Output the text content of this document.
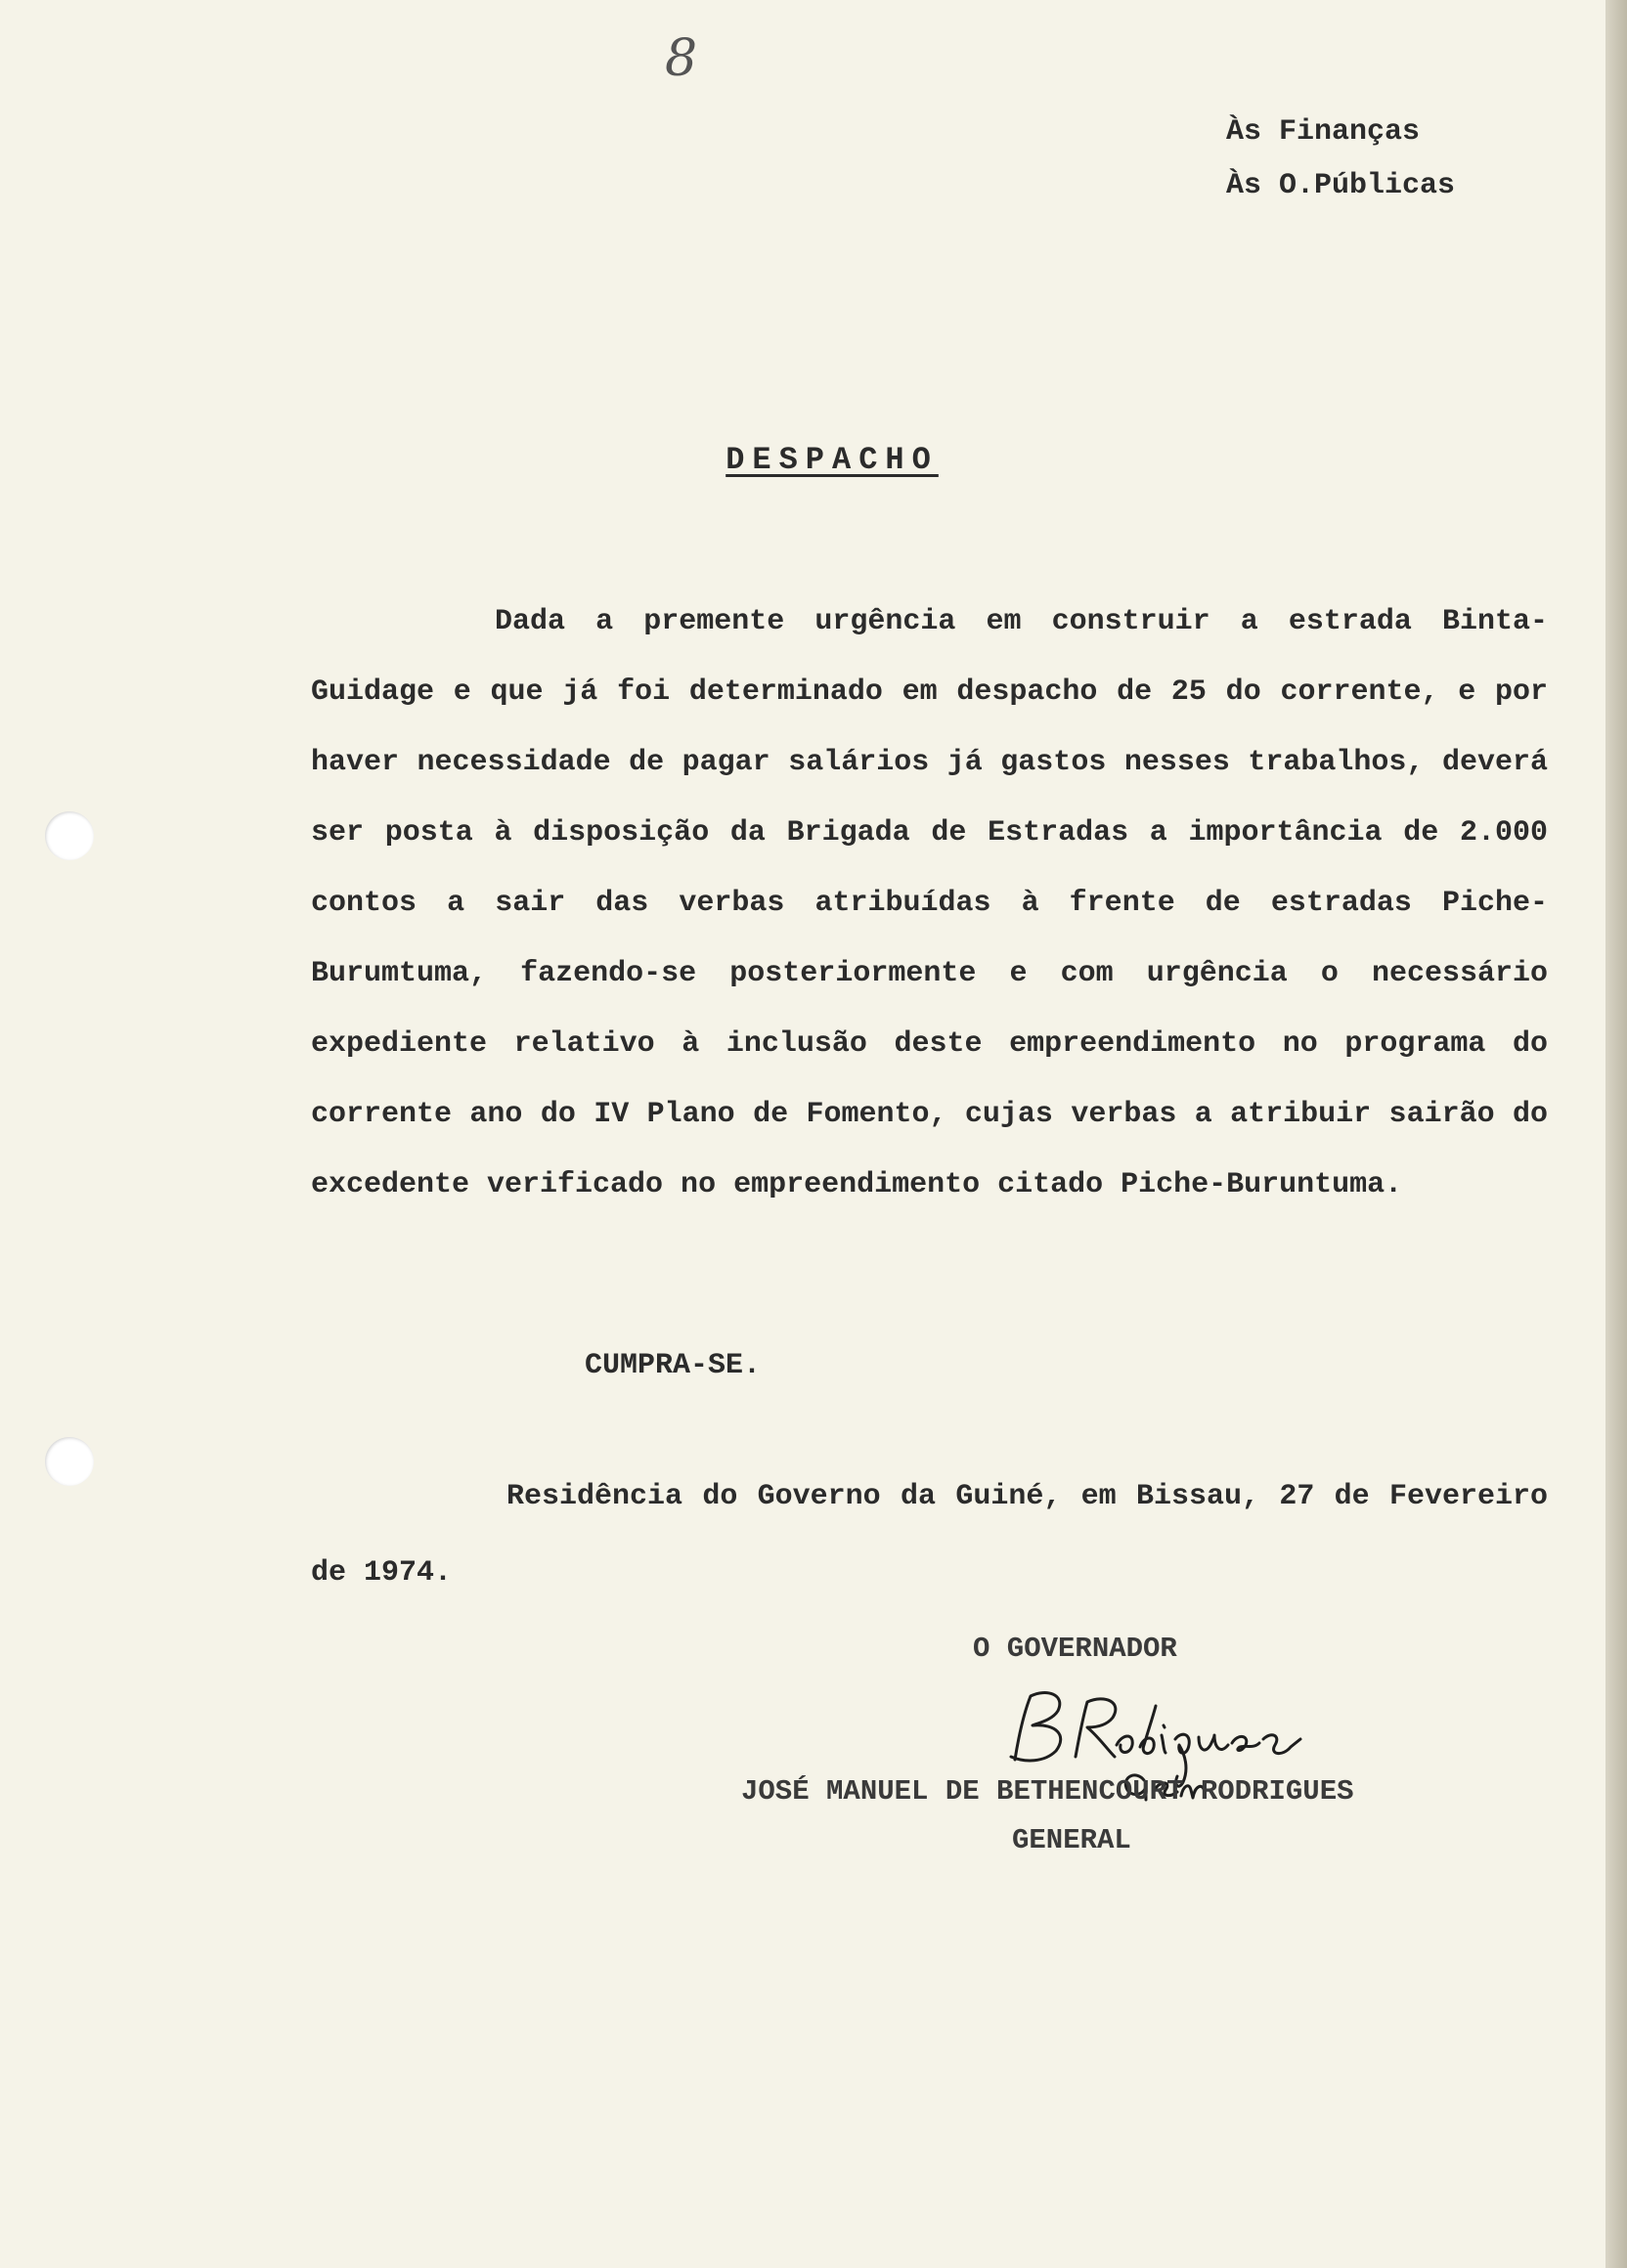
8
Às Finanças
Às O.Públicas
DESPACHO
Dada a premente urgência em construir a estrada Binta-Guidage e que já foi determinado em despacho de 25 do corrente, e por haver necessidade de pagar salários já gastos nesses trabalhos, deverá ser posta à disposição da Brigada de Estradas a importância de 2.000 contos a sair das verbas atribuídas à frente de estradas Piche-Burumtuma, fazendo-se posteriormente e com urgência o necessário expediente relativo à inclusão deste empreendimento no programa do corrente ano do IV Plano de Fomento, cujas verbas a atribuir sairão do excedente verificado no empreendimento citado Piche-Buruntuma.
CUMPRA-SE.
Residência do Governo da Guiné, em Bissau, 27 de Fevereiro de 1974.
O GOVERNADOR
JOSÉ MANUEL DE BETHENCOURT RODRIGUES
GENERAL
